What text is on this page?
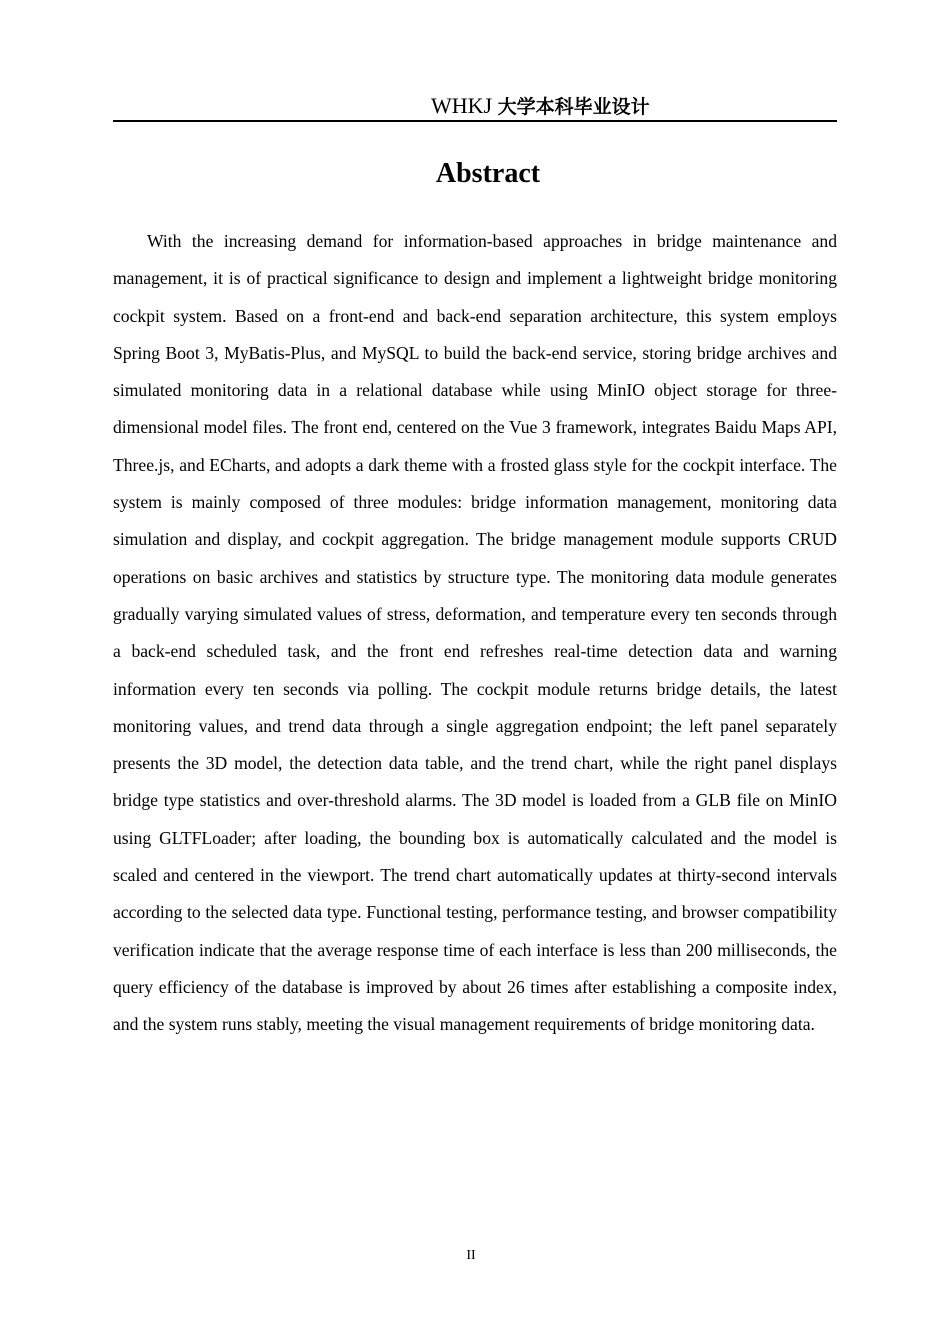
WHKJ 大学本科毕业设计
Abstract

With the increasing demand for information-based approaches in bridge maintenance and management, it is of practical significance to design and implement a lightweight bridge monitoring cockpit system. Based on a front-end and back-end separation architecture, this system employs Spring Boot 3, MyBatis-Plus, and MySQL to build the back-end service, storing bridge archives and simulated monitoring data in a relational database while using MinIO object storage for three-dimensional model files. The front end, centered on the Vue 3 framework, integrates Baidu Maps API, Three.js, and ECharts, and adopts a dark theme with a frosted glass style for the cockpit interface. The system is mainly composed of three modules: bridge information management, monitoring data simulation and display, and cockpit aggregation. The bridge management module supports CRUD operations on basic archives and statistics by structure type. The monitoring data module generates gradually varying simulated values of stress, deformation, and temperature every ten seconds through a back-end scheduled task, and the front end refreshes real-time detection data and warning information every ten seconds via polling. The cockpit module returns bridge details, the latest monitoring values, and trend data through a single aggregation endpoint; the left panel separately presents the 3D model, the detection data table, and the trend chart, while the right panel displays bridge type statistics and over-threshold alarms. The 3D model is loaded from a GLB file on MinIO using GLTFLoader; after loading, the bounding box is automatically calculated and the model is scaled and centered in the viewport. The trend chart automatically updates at thirty-second intervals according to the selected data type. Functional testing, performance testing, and browser compatibility verification indicate that the average response time of each interface is less than 200 milliseconds, the query efficiency of the database is improved by about 26 times after establishing a composite index, and the system runs stably, meeting the visual management requirements of bridge monitoring data.

II
